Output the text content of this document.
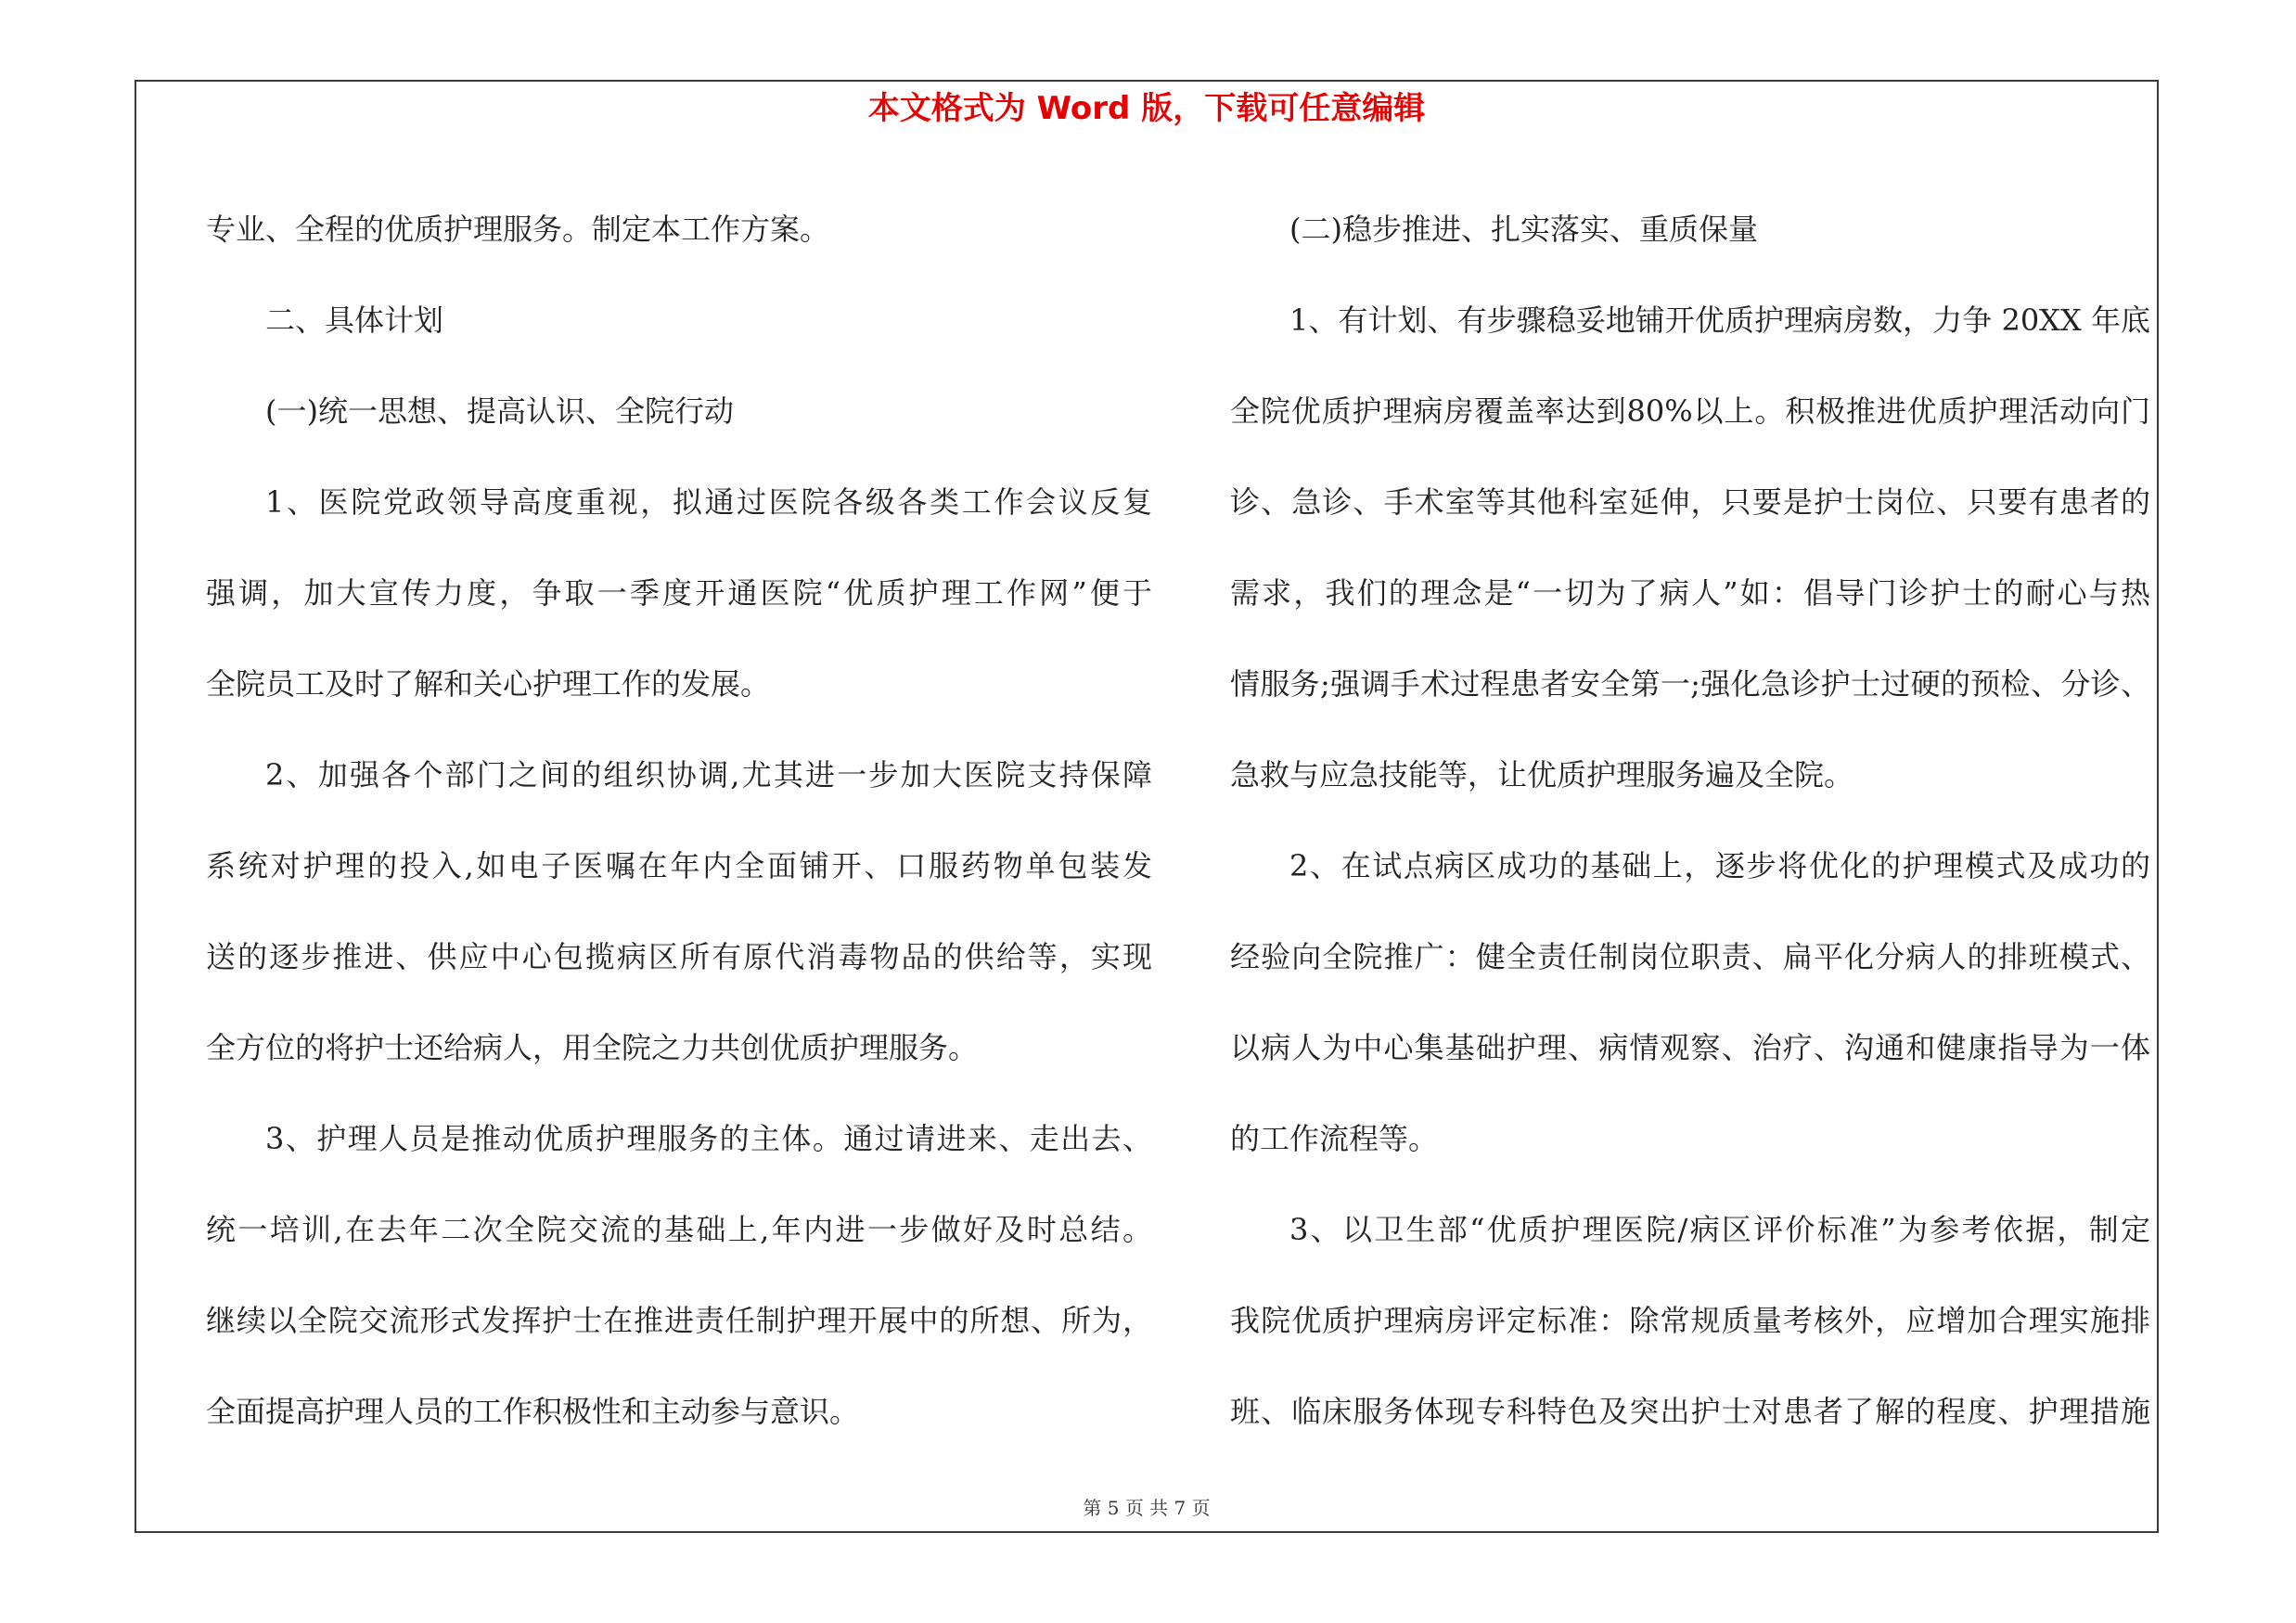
本文格式为 Word 版，下载可任意编辑
专业、全程的优质护理服务。制定本工作方案。
二、具体计划
(一)统一思想、提高认识、全院行动
1、医院党政领导高度重视，拟通过医院各级各类工作会议反复
强调，加大宣传力度，争取一季度开通医院“优质护理工作网”便于
全院员工及时了解和关心护理工作的发展。
2、加强各个部门之间的组织协调,尤其进一步加大医院支持保障
系统对护理的投入,如电子医嘱在年内全面铺开、口服药物单包装发
送的逐步推进、供应中心包揽病区所有原代消毒物品的供给等，实现
全方位的将护士还给病人，用全院之力共创优质护理服务。
3、护理人员是推动优质护理服务的主体。通过请进来、走出去、
统一培训,在去年二次全院交流的基础上,年内进一步做好及时总结。
继续以全院交流形式发挥护士在推进责任制护理开展中的所想、所为，
全面提高护理人员的工作积极性和主动参与意识。
(二)稳步推进、扎实落实、重质保量
1、有计划、有步骤稳妥地铺开优质护理病房数，力争 20XX 年底
全院优质护理病房覆盖率达到80%以上。积极推进优质护理活动向门
诊、急诊、手术室等其他科室延伸，只要是护士岗位、只要有患者的
需求，我们的理念是“一切为了病人”如：倡导门诊护士的耐心与热
情服务;强调手术过程患者安全第一;强化急诊护士过硬的预检、分诊、
急救与应急技能等，让优质护理服务遍及全院。
2、在试点病区成功的基础上，逐步将优化的护理模式及成功的
经验向全院推广：健全责任制岗位职责、扁平化分病人的排班模式、
以病人为中心集基础护理、病情观察、治疗、沟通和健康指导为一体
的工作流程等。
3、以卫生部“优质护理医院/病区评价标准”为参考依据，制定
我院优质护理病房评定标准：除常规质量考核外，应增加合理实施排
班、临床服务体现专科特色及突出护士对患者了解的程度、护理措施
第 5 页 共 7 页
